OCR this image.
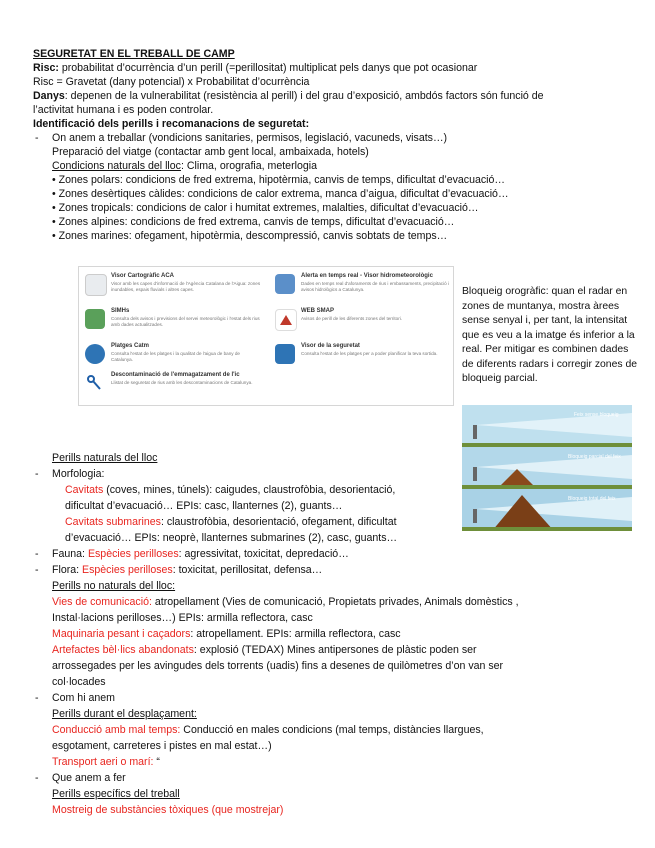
SEGURETAT EN EL TREBALL DE CAMP
Risc: probabilitat d’ocurrència d’un perill (=perillositat) multiplicat pels danys que pot ocasionar
Risc = Gravetat (dany potencial) x Probabilitat d’ocurrència
Danys: depenen de la vulnerabilitat (resistència al perill) i del grau d’exposició, ambdós factors són funció de
l’activitat humana i es poden controlar.
Identificació dels perills i recomanacions de seguretat:
- On anem a treballar (vondicions sanitaries, permisos, legislació, vacuneds, visats…)
Preparació del viatge (contactar amb gent local, ambaixada, hotels)
Condicions naturals del lloc: Clima, orografia, meterlogia
• Zones polars: condicions de fred extrema, hipotèrmia, canvis de temps, dificultat d’evacuació…
• Zones desèrtiques càlides: condicions de calor extrema, manca d’aigua, dificultat d’evacuació…
• Zones tropicals: condicions de calor i humitat extremes, malalties, dificultat d’evacuació…
• Zones alpines: condicions de fred extrema, canvis de temps, dificultat d’evacuació…
• Zones marines: ofegament, hipotèrmia, descompressió, canvis sobtats de temps…
Visor Cartogràfic ACA
Visor amb les capes d'informació de l'Agència Catalana de l'Aigua: zones inundables, espais fluvials i altres capes.
Alerta en temps real - Visor hidrometeorològic
Dades en temps real d'aforaments de rius i embassaments, precipitació i avisos hidrològics a Catalunya.
SIMHs
Consulta dels avisos i previsions del servei meteorològic i l'estat dels rius amb dades actualitzades.
WEB SMAP
Avisos de perill de les diferents zones del territori.
Platges Catm
Consulta l'estat de les platges i la qualitat de l'aigua de bany de Catalunya.
Visor de la seguretat
Consulta l'estat de les platges per a poder planificar la teva sortida.
Descontaminació de l'emmagatzament de l'ic
Llistat de seguretat de rius amb les descontaminacions de Catalunya.
Bloqueig orogràfic: quan el radar en zones de muntanya, mostra àrees sense senyal i, per tant, la intensitat que es veu a la imatge és inferior a la real. Per mitigar es combinen dades de diferents radars i corregir zones de bloqueig parcial.
Feix sense bloqueig
Bloqueig parcial del feix
Bloqueig total del feix
Perills naturals del lloc
- Morfologia:
Cavitats (coves, mines, túnels): caigudes, claustrofòbia, desorientació,
dificultat d’evacuació… EPIs: casc, llanternes (2), guants…
Cavitats submarines: claustrofòbia, desorientació, ofegament, dificultat
d’evacuació… EPIs: neoprè, llanternes submarines (2), casc, guants…
- Fauna: Espècies perilloses: agressivitat, toxicitat, depredació…
- Flora: Espècies perilloses: toxicitat, perillositat, defensa…
Perills no naturals del lloc:
Vies de comunicació: atropellament (Vies de comunicació, Propietats privades, Animals domèstics ,
Instal·lacions perilloses…) EPIs: armilla reflectora, casc
Maquinaria pesant i caçadors: atropellament. EPIs: armilla reflectora, casc
Artefactes bèl·lics abandonats: explosió (TEDAX) Mines antipersones de plàstic poden ser
arrossegades per les avingudes dels torrents (uadis) fins a desenes de quilòmetres d’on van ser
col·locades
- Com hi anem
Perills durant el desplaçament:
Conducció amb mal temps: Conducció en males condicions (mal temps, distàncies llargues,
esgotament, carreteres i pistes en mal estat…)
Transport aeri o marí: “
- Que anem a fer
Perills específics del treball
Mostreig de substàncies tòxiques (que mostrejar)
